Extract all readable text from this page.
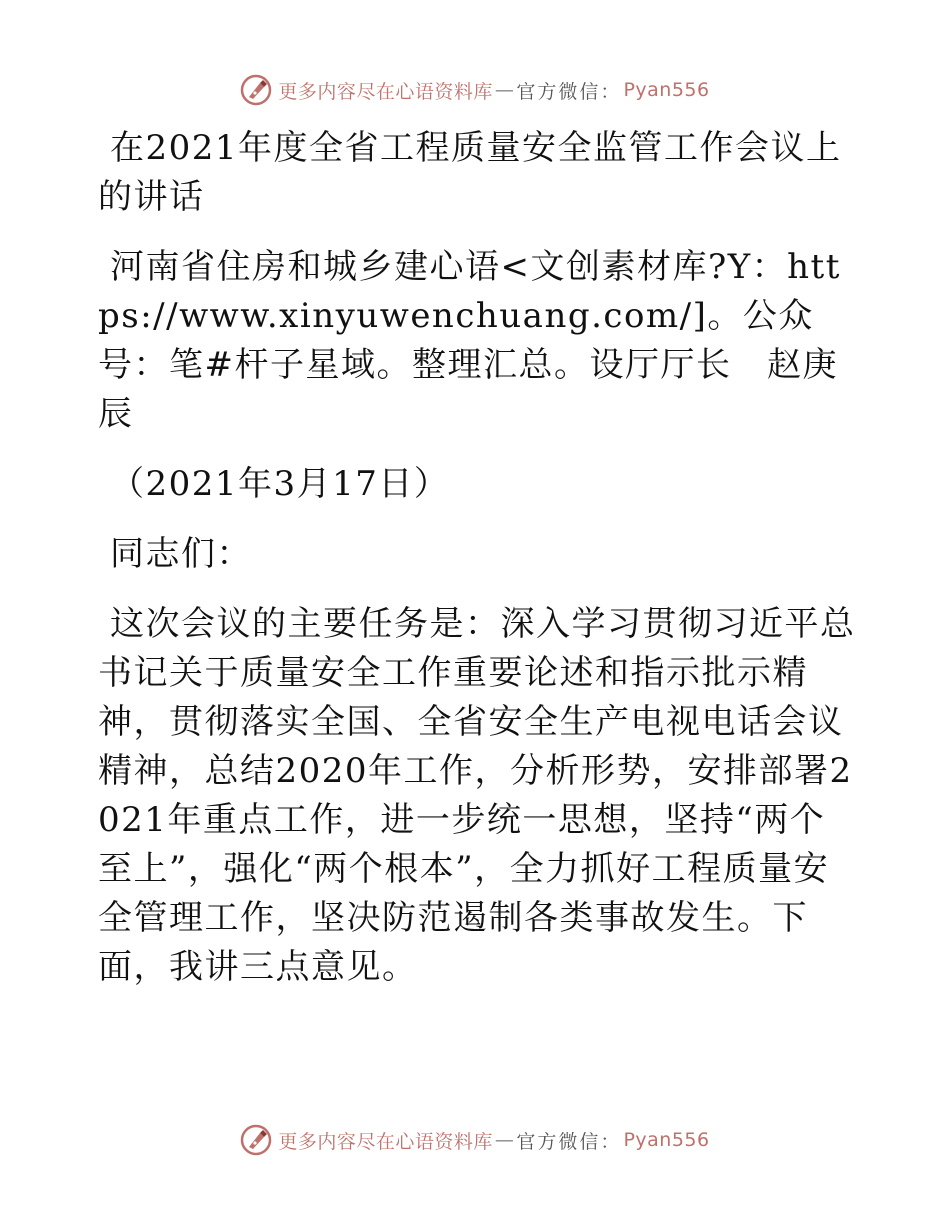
更多内容尽在心语资料库 — 官方微信： Pyan556

在2021年度全省工程质量安全监管工作会议上的讲话

河南省住房和城乡建心语<文创素材库?Y：https://www.xinyuwenchuang.com/]。公众号：笔#杆子星域。整理汇总。设厅厅长　赵庚辰

（2021年3月17日）

同志们：

这次会议的主要任务是：深入学习贯彻习近平总书记关于质量安全工作重要论述和指示批示精神，贯彻落实全国、全省安全生产电视电话会议精神，总结2020年工作，分析形势，安排部署2021年重点工作，进一步统一思想，坚持“两个至上”，强化“两个根本”，全力抓好工程质量安全管理工作，坚决防范遏制各类事故发生。下面，我讲三点意见。

更多内容尽在心语资料库 — 官方微信： Pyan556
